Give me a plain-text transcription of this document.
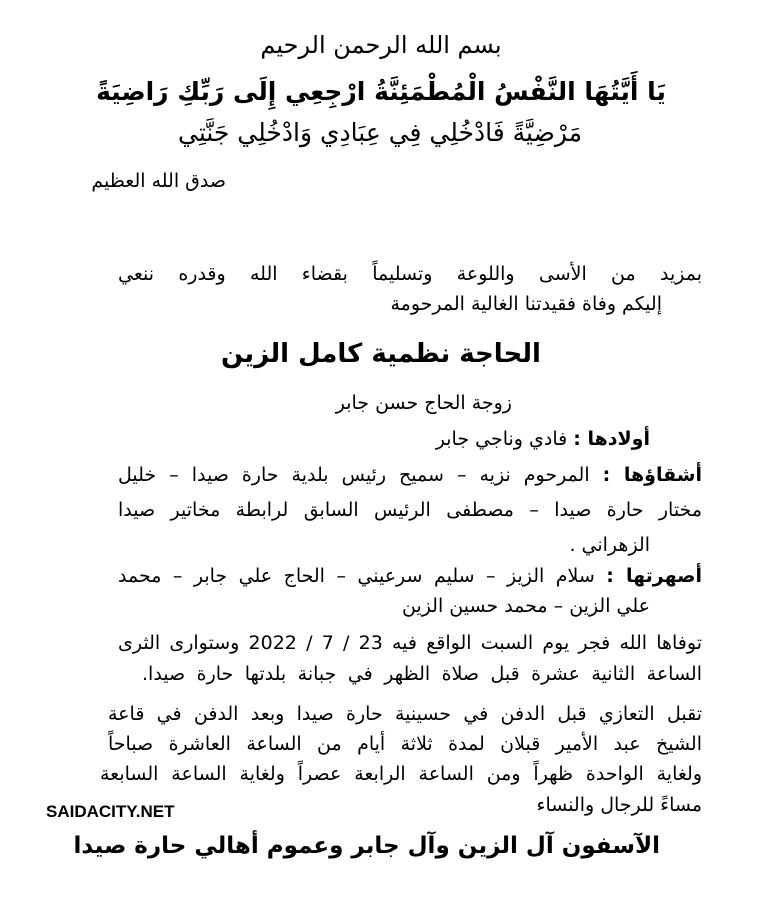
بسم الله الرحمن الرحيم

يَا أَيَّتُهَا النَّفْسُ الْمُطْمَئِنَّةُ ارْجِعِي إِلَى رَبِّكِ رَاضِيَةً

مَرْضِيَّةً فَادْخُلِي فِي عِبَادِي وَادْخُلِي جَنَّتِي

صدق الله العظيم

بمزيد من الأسى واللوعة وتسليماً بقضاء الله وقدره ننعي

إليكم وفاة فقيدتنا الغالية المرحومة

الحاجة نظمية كامل الزين

زوجة الحاج حسن جابر

أولادها : فادي وناجي جابر

أشقاؤها : المرحوم نزيه – سميح رئيس بلدية حارة صيدا – خليل

مختار حارة صيدا – مصطفى الرئيس السابق لرابطة مخاتير صيدا

الزهراني .

أصهرتها : سلام الزيز – سليم سرعيني – الحاج علي جابر – محمد

علي الزين – محمد حسين الزين

توفاها الله فجر يوم السبت الواقع فيه 23 / 7 / 2022 وستوارى الثرى

الساعة الثانية عشرة قبل صلاة الظهر في جبانة بلدتها حارة صيدا.

تقبل التعازي قبل الدفن في حسينية حارة صيدا وبعد الدفن في قاعة

الشيخ عبد الأمير قبلان لمدة ثلاثة أيام من الساعة العاشرة صباحاً

ولغاية الواحدة ظهراً ومن الساعة الرابعة عصراً ولغاية الساعة السابعة

مساءً للرجال والنساء

SAIDACITY.NET

الآسفون آل الزين وآل جابر وعموم أهالي حارة صيدا
